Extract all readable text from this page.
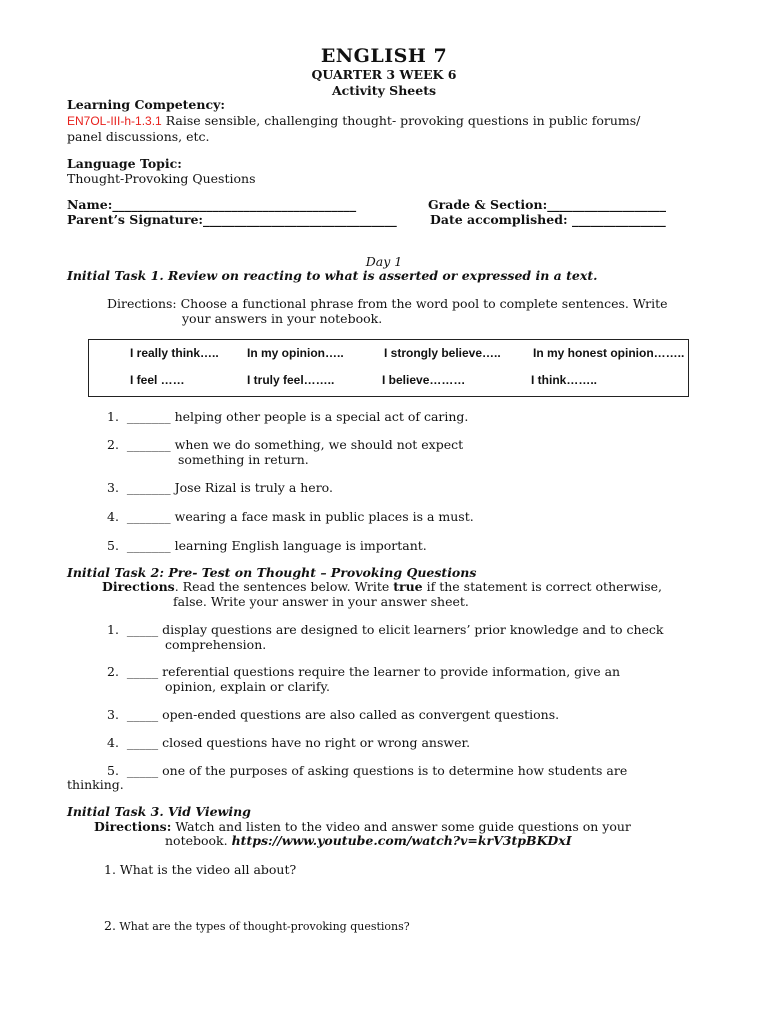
ENGLISH 7
QUARTER 3 WEEK 6
Activity Sheets
Learning Competency:
EN7OL-III-h-1.3.1 Raise sensible, challenging thought- provoking questions in public forums/
panel discussions, etc.
Language Topic:
Thought-Provoking Questions
Name:_______________________________________	Grade & Section:___________________
Parent’s Signature:_______________________________	Date accomplished: _______________
Day 1
Initial Task 1. Review on reacting to what is asserted or expressed in a text.
Directions: Choose a functional phrase from the word pool to complete sentences. Write
your answers in your notebook.
I really think….. In my opinion…..	I strongly believe…..	In my honest opinion……..
I feel ……	I truly feel……..	I believe………	I think……..
1. _______ helping other people is a special act of caring.
2. _______ when we do something, we should not expect
something in return.
3. _______ Jose Rizal is truly a hero.
4. _______ wearing a face mask in public places is a must.
5. _______ learning English language is important.
Initial Task 2: Pre- Test on Thought – Provoking Questions
Directions. Read the sentences below. Write true if the statement is correct otherwise,
false. Write your answer in your answer sheet.
1. _____ display questions are designed to elicit learners’ prior knowledge and to check
comprehension.
2. _____ referential questions require the learner to provide information, give an
opinion, explain or clarify.
3. _____ open-ended questions are also called as convergent questions.
4. _____ closed questions have no right or wrong answer.
5. _____ one of the purposes of asking questions is to determine how students are
thinking.
Initial Task 3. Vid Viewing
Directions: Watch and listen to the video and answer some guide questions on your
notebook. https://www.youtube.com/watch?v=krV3tpBKDxI
1. What is the video all about?
2. What are the types of thought-provoking questions?
